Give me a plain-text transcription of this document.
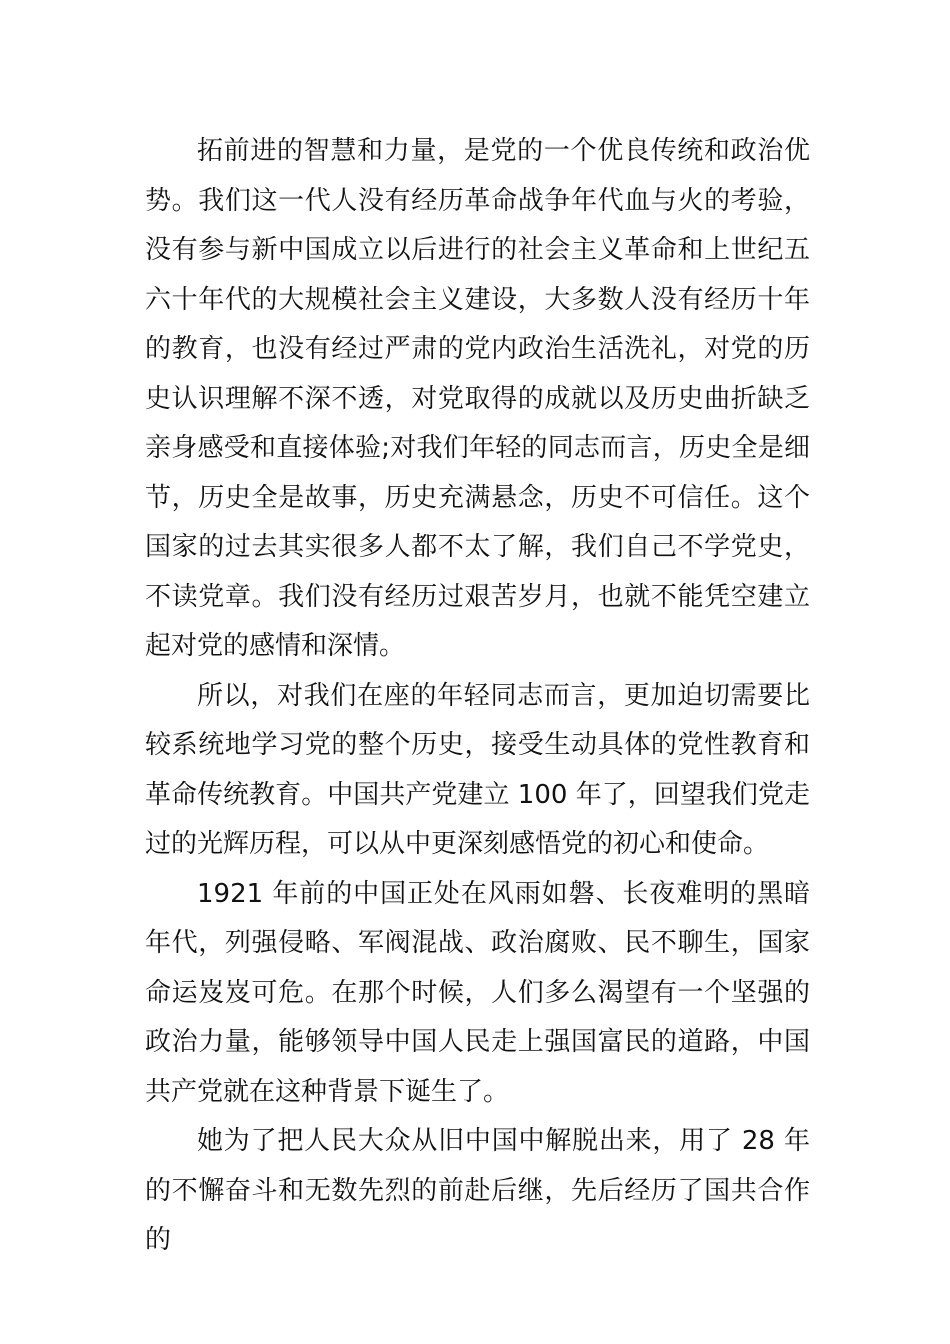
拓前进的智慧和力量，是党的一个优良传统和政治优势。我们这一代人没有经历革命战争年代血与火的考验，没有参与新中国成立以后进行的社会主义革命和上世纪五六十年代的大规模社会主义建设，大多数人没有经历十年的教育，也没有经过严肃的党内政治生活洗礼，对党的历史认识理解不深不透，对党取得的成就以及历史曲折缺乏亲身感受和直接体验;对我们年轻的同志而言，历史全是细节，历史全是故事，历史充满悬念，历史不可信任。这个国家的过去其实很多人都不太了解，我们自己不学党史，不读党章。我们没有经历过艰苦岁月，也就不能凭空建立起对党的感情和深情。

所以，对我们在座的年轻同志而言，更加迫切需要比较系统地学习党的整个历史，接受生动具体的党性教育和革命传统教育。中国共产党建立 100 年了，回望我们党走过的光辉历程，可以从中更深刻感悟党的初心和使命。

1921 年前的中国正处在风雨如磐、长夜难明的黑暗年代，列强侵略、军阀混战、政治腐败、民不聊生，国家命运岌岌可危。在那个时候，人们多么渴望有一个坚强的政治力量，能够领导中国人民走上强国富民的道路，中国共产党就在这种背景下诞生了。

她为了把人民大众从旧中国中解脱出来，用了 28 年的不懈奋斗和无数先烈的前赴后继，先后经历了国共合作的
